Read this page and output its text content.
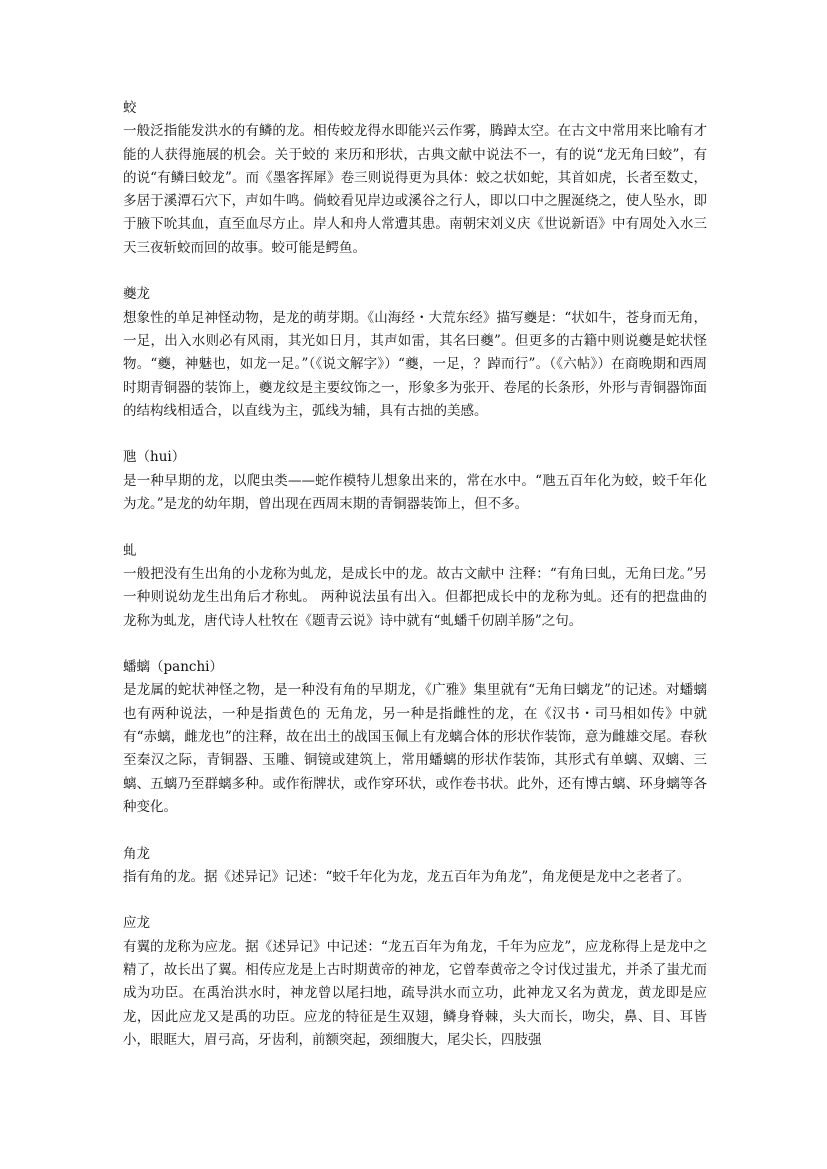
蛟

一般泛指能发洪水的有鳞的龙。相传蛟龙得水即能兴云作雾，腾踔太空。在古文中常用来比喻有才能的人获得施展的机会。关于蛟的 来历和形状，古典文献中说法不一，有的说“龙无角曰蛟”，有的说“有鳞曰蛟龙”。而《墨客挥犀》卷三则说得更为具体：蛟之状如蛇，其首如虎，长者至数丈，多居于溪潭石穴下，声如牛鸣。倘蛟看见岸边或溪谷之行人，即以口中之腥涎绕之，使人坠水，即于腋下吮其血，直至血尽方止。岸人和舟人常遭其患。南朝宋刘义庆《世说新语》中有周处入水三天三夜斩蛟而回的故事。蛟可能是鳄鱼。

夔龙

想象性的单足神怪动物，是龙的萌芽期。《山海经・大荒东经》描写夔是：“状如牛，苍身而无角，一足，出入水则必有风雨，其光如日月，其声如雷，其名曰夔”。但更多的古籍中则说夔是蛇状怪物。“夔，神魅也，如龙一足。”（《说文解字》）“夔，一足，？踔而行”。（《六帖》）在商晚期和西周时期青铜器的装饰上，夔龙纹是主要纹饰之一，形象多为张开、卷尾的长条形，外形与青铜器饰面的结构线相适合，以直线为主，弧线为辅，具有古拙的美感。

虺（hui）

是一种早期的龙，以爬虫类——蛇作模特儿想象出来的，常在水中。“虺五百年化为蛟，蛟千年化为龙。”是龙的幼年期，曾出现在西周末期的青铜器装饰上，但不多。

虬

一般把没有生出角的小龙称为虬龙，是成长中的龙。故古文献中 注释：“有角曰虬，无角曰龙。”另一种则说幼龙生出角后才称虬。 两种说法虽有出入。但都把成长中的龙称为虬。还有的把盘曲的龙称为虬龙，唐代诗人杜牧在《题青云说》诗中就有“虬蟠千仞剧羊肠”之句。

蟠螭（panchi）

是龙属的蛇状神怪之物，是一种没有角的早期龙，《广雅》集里就有“无角曰螭龙”的记述。对蟠螭也有两种说法，一种是指黄色的 无角龙，另一种是指雌性的龙，在《汉书・司马相如传》中就有“赤螭，雌龙也”的注释，故在出土的战国玉佩上有龙螭合体的形状作装饰，意为雌雄交尾。春秋至秦汉之际，青铜器、玉雕、铜镜或建筑上，常用蟠螭的形状作装饰，其形式有单螭、双螭、三螭、五螭乃至群螭多种。或作衔牌状，或作穿环状，或作卷书状。此外，还有博古螭、环身螭等各种变化。

角龙

指有角的龙。据《述异记》记述：“蛟千年化为龙，龙五百年为角龙”，角龙便是龙中之老者了。

应龙

有翼的龙称为应龙。据《述异记》中记述：“龙五百年为角龙，千年为应龙”，应龙称得上是龙中之精了，故长出了翼。相传应龙是上古时期黄帝的神龙，它曾奉黄帝之令讨伐过蚩尤，并杀了蚩尤而成为功臣。在禹治洪水时，神龙曾以尾扫地，疏导洪水而立功，此神龙又名为黄龙，黄龙即是应龙，因此应龙又是禹的功臣。应龙的特征是生双翅，鳞身脊棘，头大而长，吻尖，鼻、目、耳皆小，眼眶大，眉弓高，牙齿利，前额突起，颈细腹大，尾尖长，四肢强
